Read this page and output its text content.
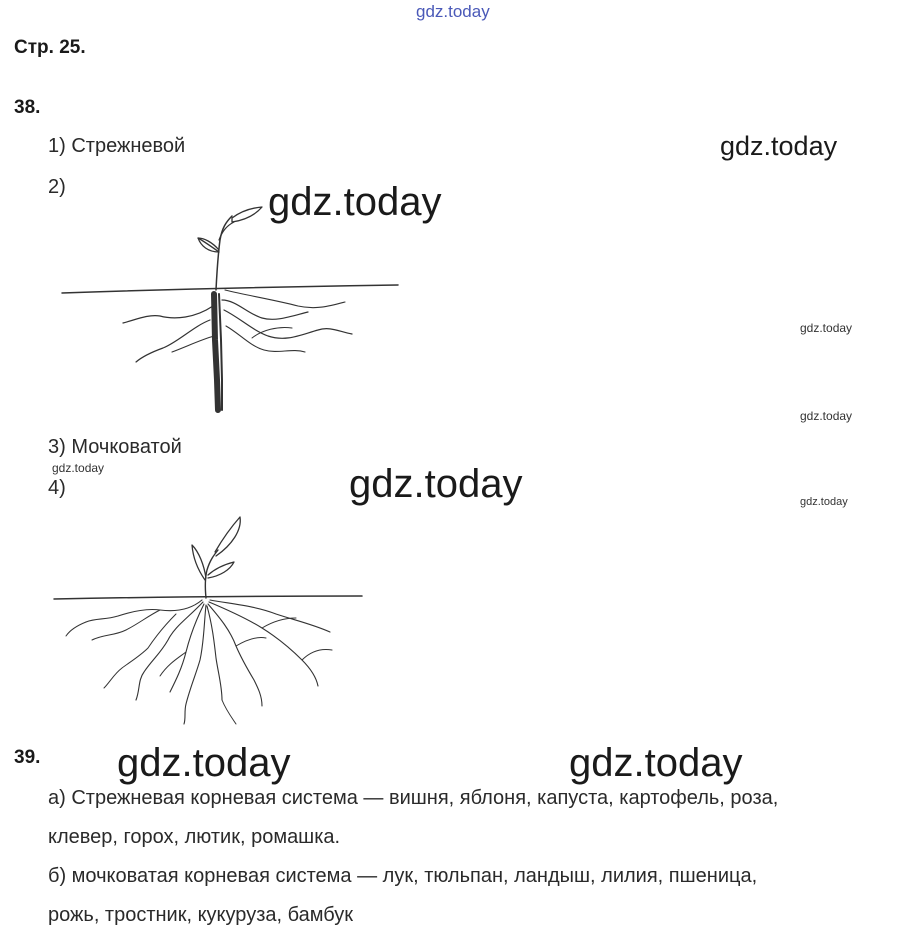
gdz.today
gdz.today
gdz.today
gdz.today
gdz.today
gdz.today	gdz.today	gdz.today
gdz.today	gdz.today
Стр. 25.
38.
1) Стрежневой
2)
3) Мочковатой
4)
39.

а) Стрежневая корневая система — вишня, яблоня, капуста, картофель, роза,

клевер, горох, лютик, ромашка.

б) мочковатая корневая система — лук, тюльпан, ландыш, лилия, пшеница,

рожь, тростник, кукуруза, бамбук
